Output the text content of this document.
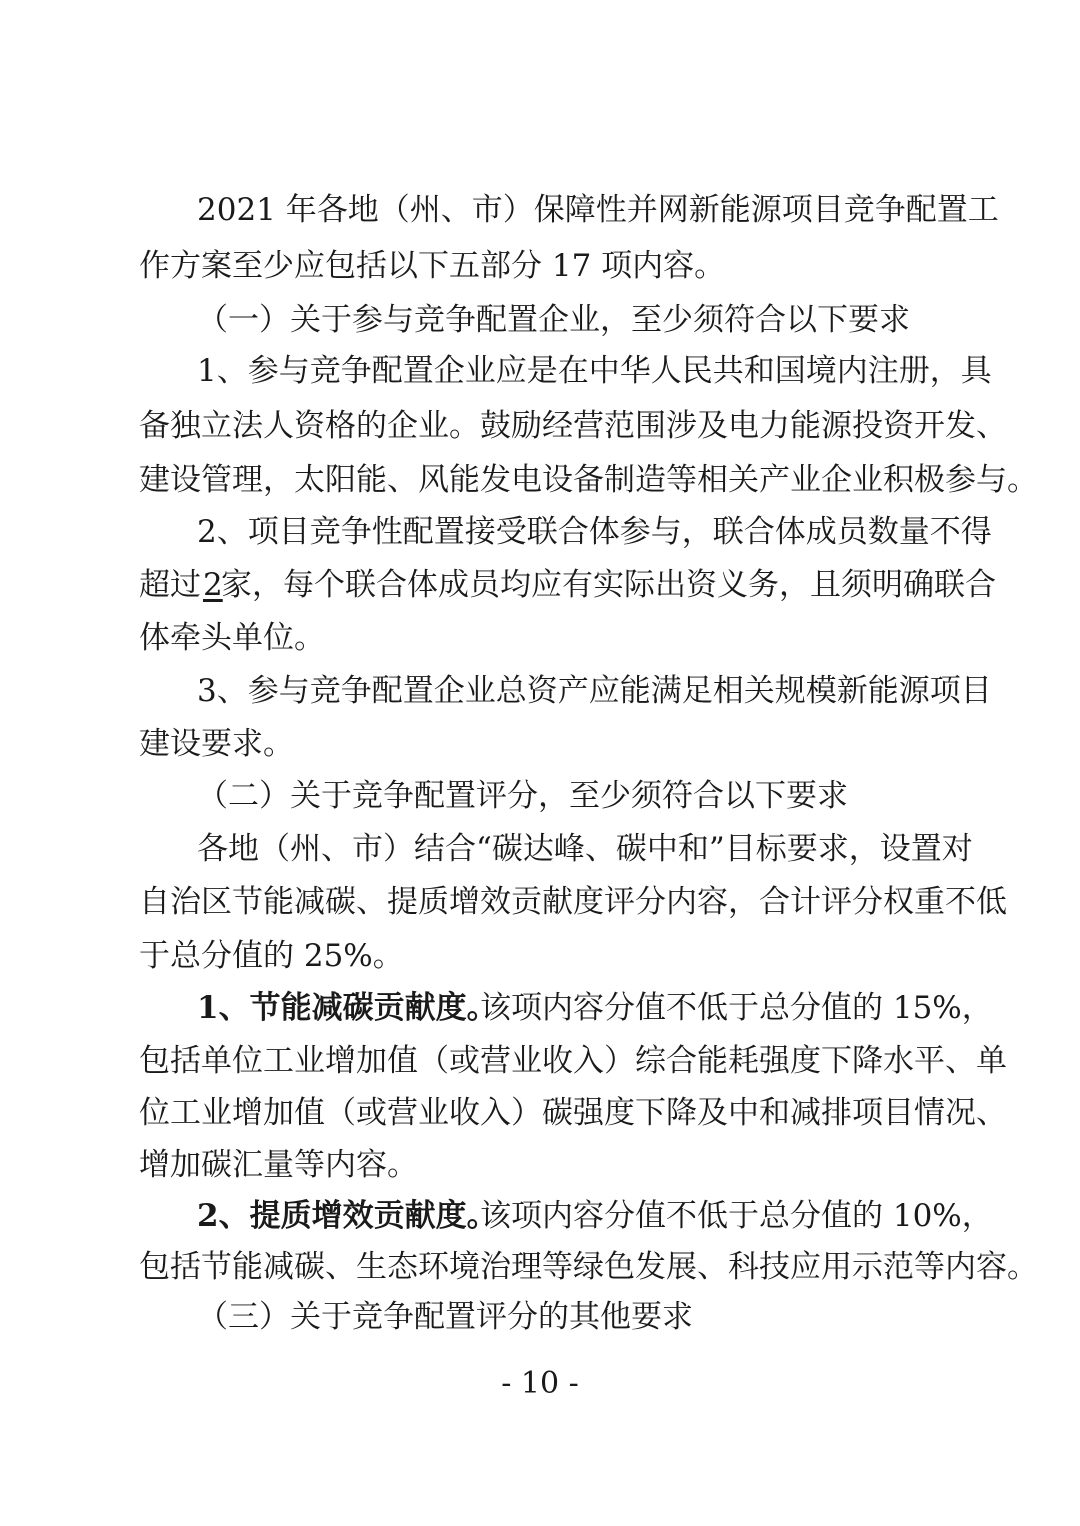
2021 年各地（州、市）保障性并网新能源项目竞争配置工

作方案至少应包括以下五部分 17 项内容。

（一）关于参与竞争配置企业，至少须符合以下要求

1、参与竞争配置企业应是在中华人民共和国境内注册，具

备独立法人资格的企业。鼓励经营范围涉及电力能源投资开发、

建设管理，太阳能、风能发电设备制造等相关产业企业积极参与。

2、项目竞争性配置接受联合体参与，联合体成员数量不得

超过 2
家，每个联合体成员均应有实际出资义务，且须明确联合

体牵头单位。

3、参与竞争配置企业总资产应能满足相关规模新能源项目

建设要求。

（二）关于竞争配置评分，至少须符合以下要求

各地（州、市）结合“碳达峰、碳中和”目标要求，设置对

自治区节能减碳、提质增效贡献度评分内容，合计评分权重不低

于总分值的 25%。

1、节能减碳贡献度。
该项内容分值不低于总分值的 15%，

包括单位工业增加值（或营业收入）综合能耗强度下降水平、单

位工业增加值（或营业收入）碳强度下降及中和减排项目情况、

增加碳汇量等内容。

2、提质增效贡献度。
该项内容分值不低于总分值的 10%，

包括节能减碳、生态环境治理等绿色发展、科技应用示范等内容。

（三）关于竞争配置评分的其他要求

- 10 -
